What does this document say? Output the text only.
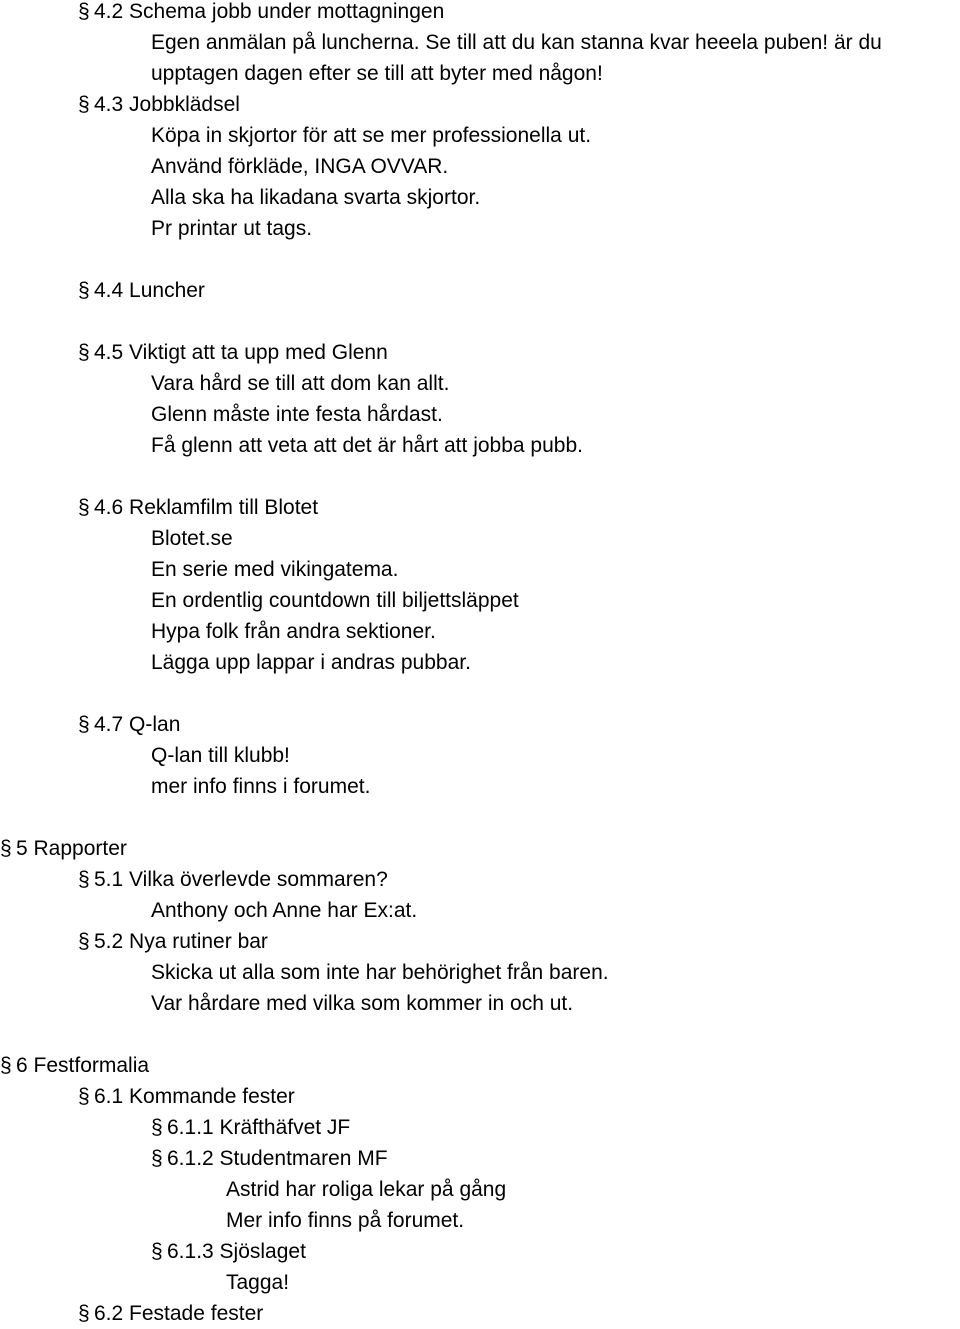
§ 4.2 Schema jobb under mottagningen
Egen anmälan på luncherna. Se till att du kan stanna kvar heeela puben! är du
upptagen dagen efter se till att byter med någon!
§ 4.3 Jobbklädsel
Köpa in skjortor för att se mer professionella ut.
Använd förkläde, INGA OVVAR.
Alla ska ha likadana svarta skjortor.
Pr printar ut tags.
§ 4.4 Luncher
§ 4.5 Viktigt att ta upp med Glenn
Vara hård se till att dom kan allt.
Glenn måste inte festa hårdast.
Få glenn att veta att det är hårt att jobba pubb.
§ 4.6 Reklamfilm till Blotet
Blotet.se
En serie med vikingatema.
En ordentlig countdown till biljettsläppet
Hypa folk från andra sektioner.
Lägga upp lappar i andras pubbar.
§ 4.7 Q-lan
Q-lan till klubb!
mer info finns i forumet.
§ 5 Rapporter
§ 5.1 Vilka överlevde sommaren?
Anthony och Anne har Ex:at.
§ 5.2 Nya rutiner bar
Skicka ut alla som inte har behörighet från baren.
Var hårdare med vilka som kommer in och ut.
§ 6 Festformalia
§ 6.1 Kommande fester
§ 6.1.1 Kräfthäfvet JF
§ 6.1.2 Studentmaren MF
Astrid har roliga lekar på gång
Mer info finns på forumet.
§ 6.1.3 Sjöslaget
Tagga!
§ 6.2 Festade fester
